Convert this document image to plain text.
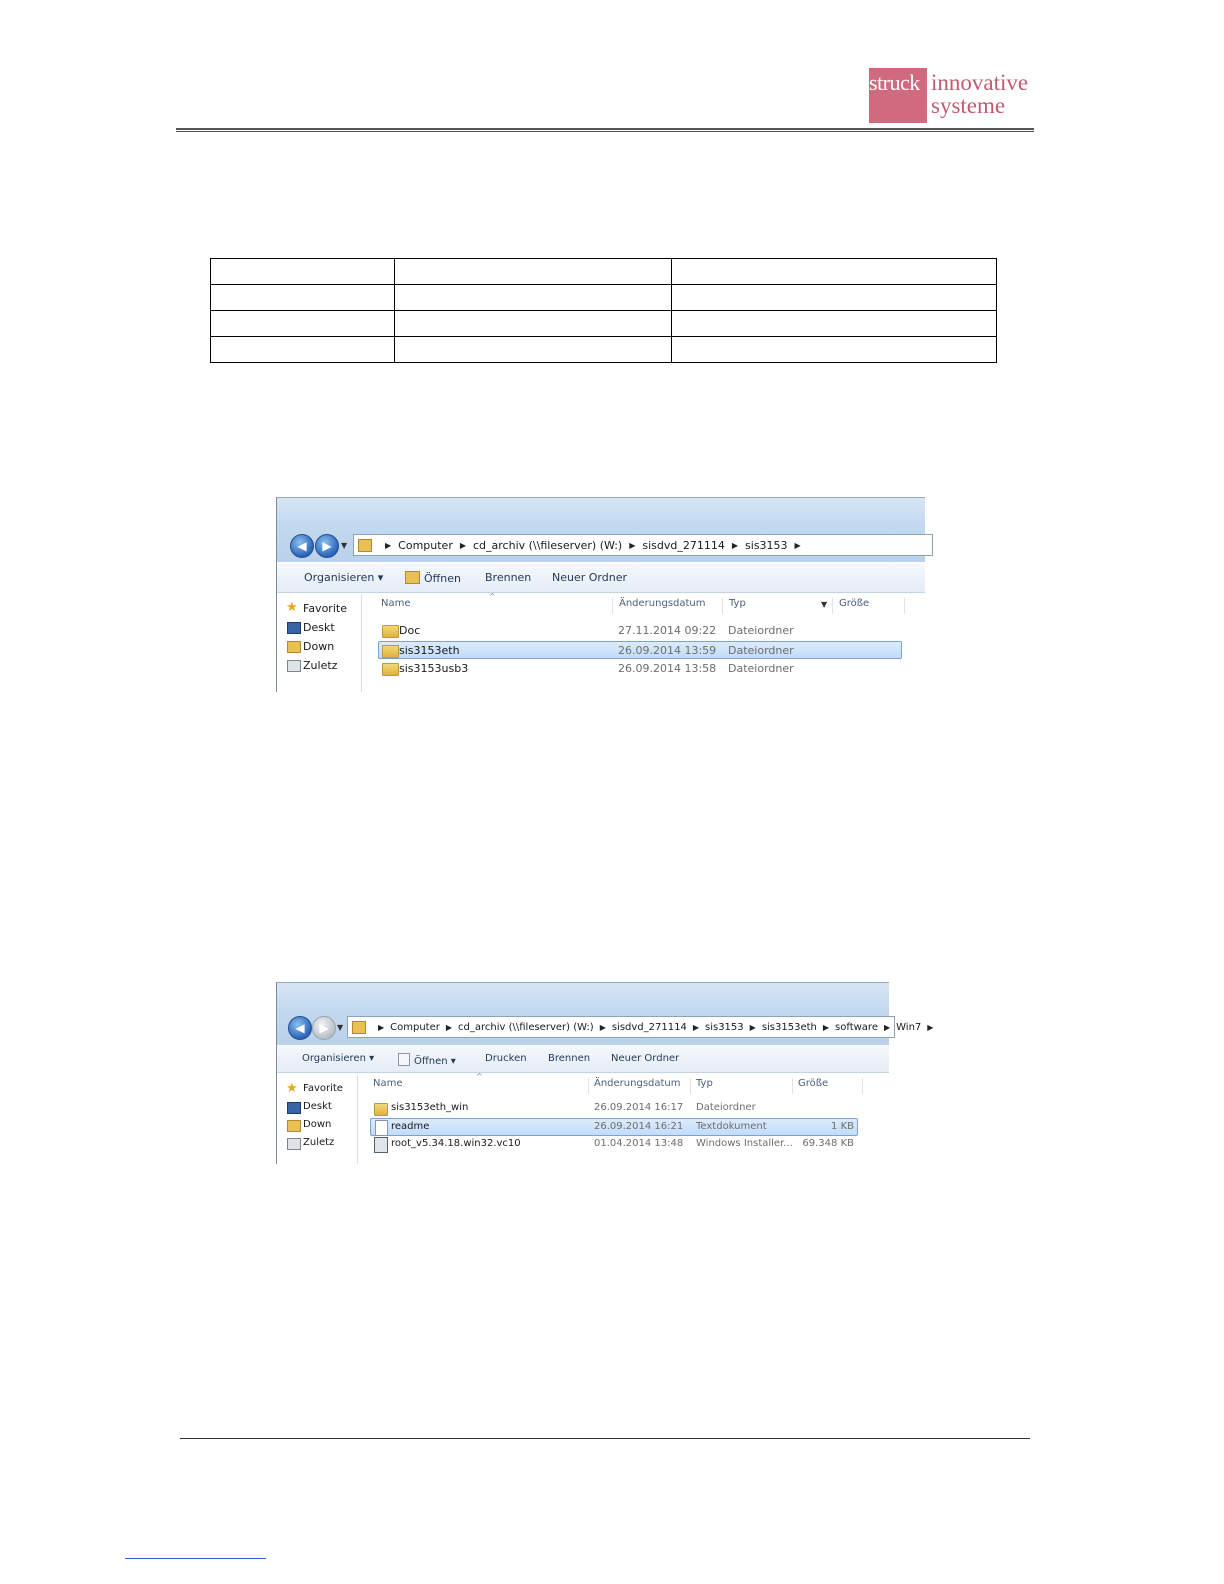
struck innovative
systeme

◀	▶	▼	▶ Computer ▶ cd_archiv (\\fileserver) (W:) ▶ sisdvd_271114 ▶ sis3153 ▶
Organisieren ▾	Öffnen Brennen Neuer Ordner
★ Favorite
Deskt
Down
Zuletz
Name
^
Änderungsdatum Typ	▼ Größe
Doc	27.11.2014 09:22 Dateiordner
sis3153eth	26.09.2014 13:59 Dateiordner
sis3153usb3	26.09.2014 13:58 Dateiordner
◀	▶	▼	▶ Computer ▶ cd_archiv (\\fileserver) (W:) ▶ sisdvd_271114 ▶ sis3153 ▶ sis3153eth ▶ software ▶ Win7 ▶
Organisieren ▾	Öffnen ▾	Drucken Brennen Neuer Ordner
★ Favorite
Deskt
Down
Zuletz
Name
^
Änderungsdatum Typ	Größe
sis3153eth_win	26.09.2014 16:17 Dateiordner
readme	26.09.2014 16:21 Textdokument	1 KB
root_v5.34.18.win32.vc10	01.04.2014 13:48 Windows Installer... 69.348 KB
